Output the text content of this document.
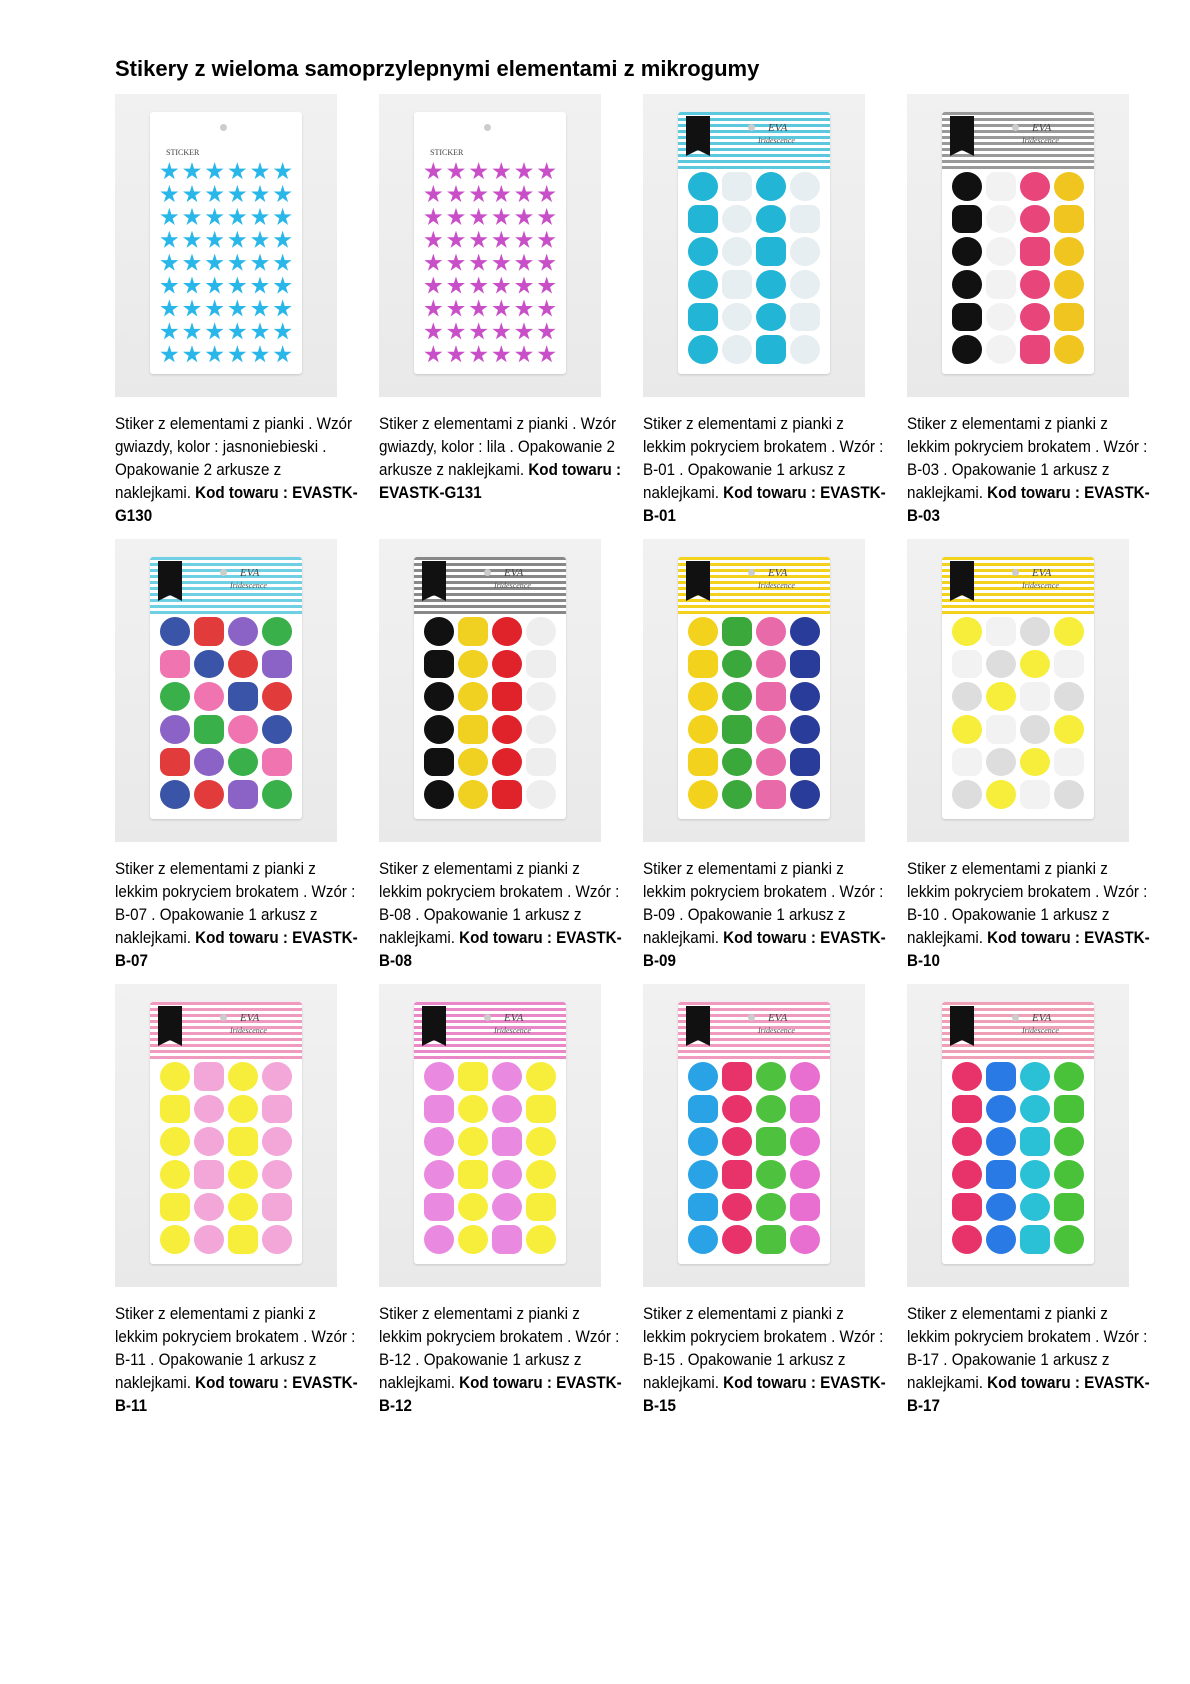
Stikery z wieloma samoprzylepnymi elementami z mikrogumy
STICKER
Stiker z elementami z pianki . Wzór gwiazdy, kolor : jasnoniebieski . Opakowanie 2 arkusze z naklejkami. Kod towaru : EVASTK-G130
STICKER
Stiker z elementami z pianki . Wzór gwiazdy, kolor : lila . Opakowanie 2 arkusze z naklejkami. Kod towaru : EVASTK-G131
EVA
Iridescence
Stiker z elementami z pianki z lekkim pokryciem brokatem . Wzór : B-01 . Opakowanie 1 arkusz z naklejkami. Kod towaru : EVASTK-B-01
EVA
Iridescence
Stiker z elementami z pianki z lekkim pokryciem brokatem . Wzór : B-03 . Opakowanie 1 arkusz z naklejkami. Kod towaru : EVASTK-B-03
EVA
Iridescence
Stiker z elementami z pianki z lekkim pokryciem brokatem . Wzór : B-07 . Opakowanie 1 arkusz z naklejkami. Kod towaru : EVASTK-B-07
EVA
Iridescence
Stiker z elementami z pianki z lekkim pokryciem brokatem . Wzór : B-08 . Opakowanie 1 arkusz z naklejkami. Kod towaru : EVASTK-B-08
EVA
Iridescence
Stiker z elementami z pianki z lekkim pokryciem brokatem . Wzór : B-09 . Opakowanie 1 arkusz z naklejkami. Kod towaru : EVASTK-B-09
EVA
Iridescence
Stiker z elementami z pianki z lekkim pokryciem brokatem . Wzór : B-10 . Opakowanie 1 arkusz z naklejkami. Kod towaru : EVASTK-B-10
EVA
Iridescence
Stiker z elementami z pianki z lekkim pokryciem brokatem . Wzór : B-11 . Opakowanie 1 arkusz z naklejkami. Kod towaru : EVASTK-B-11
EVA
Iridescence
Stiker z elementami z pianki z lekkim pokryciem brokatem . Wzór : B-12 . Opakowanie 1 arkusz z naklejkami. Kod towaru : EVASTK-B-12
EVA
Iridescence
Stiker z elementami z pianki z lekkim pokryciem brokatem . Wzór : B-15 . Opakowanie 1 arkusz z naklejkami. Kod towaru : EVASTK-B-15
EVA
Iridescence
Stiker z elementami z pianki z lekkim pokryciem brokatem . Wzór : B-17 . Opakowanie 1 arkusz z naklejkami. Kod towaru : EVASTK-B-17
